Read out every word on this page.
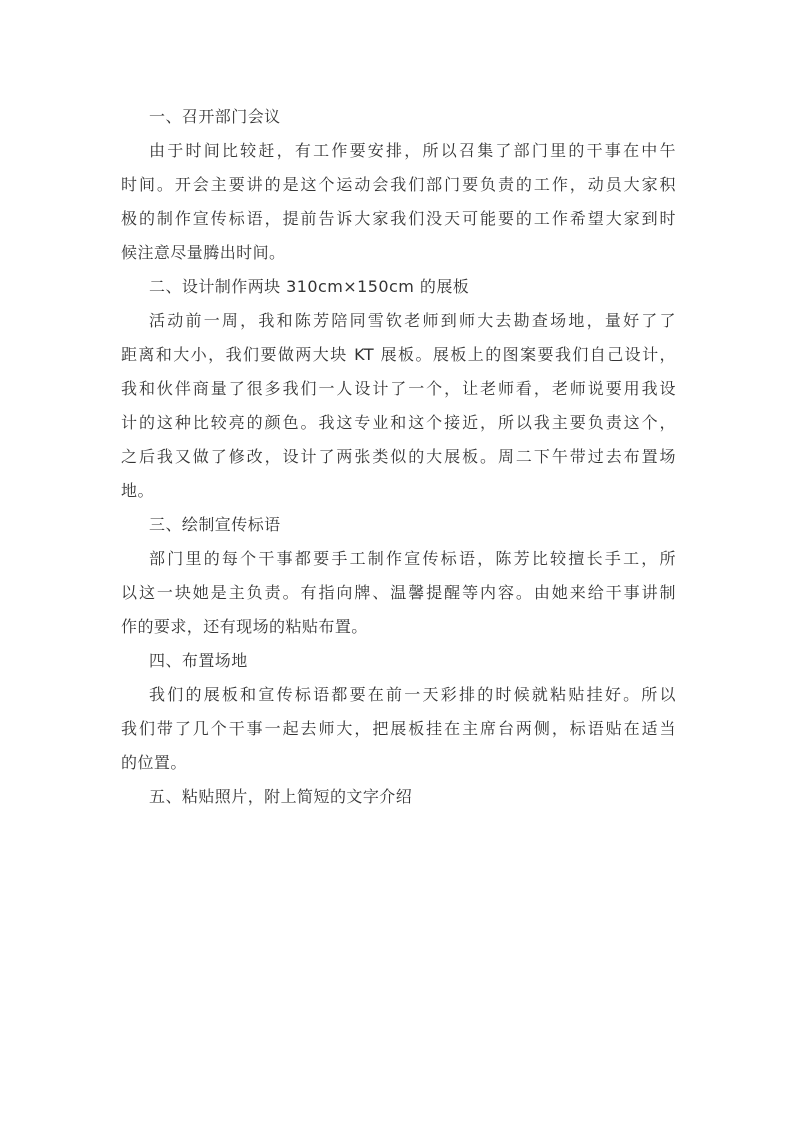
一、召开部门会议

由于时间比较赶，有工作要安排，所以召集了部门里的干事在中午

时间。开会主要讲的是这个运动会我们部门要负责的工作，动员大家积

极的制作宣传标语，提前告诉大家我们没天可能要的工作希望大家到时

候注意尽量腾出时间。

二、设计制作两块 310cm×150cm 的展板

活动前一周，我和陈芳陪同雪钦老师到师大去勘查场地，量好了了

距离和大小，我们要做两大块 KT 展板。展板上的图案要我们自己设计，

我和伙伴商量了很多我们一人设计了一个，让老师看，老师说要用我设

计的这种比较亮的颜色。我这专业和这个接近，所以我主要负责这个，

之后我又做了修改，设计了两张类似的大展板。周二下午带过去布置场

地。

三、绘制宣传标语

部门里的每个干事都要手工制作宣传标语，陈芳比较擅长手工，所

以这一块她是主负责。有指向牌、温馨提醒等内容。由她来给干事讲制

作的要求，还有现场的粘贴布置。

四、布置场地

我们的展板和宣传标语都要在前一天彩排的时候就粘贴挂好。所以

我们带了几个干事一起去师大，把展板挂在主席台两侧，标语贴在适当

的位置。

五、粘贴照片，附上简短的文字介绍
